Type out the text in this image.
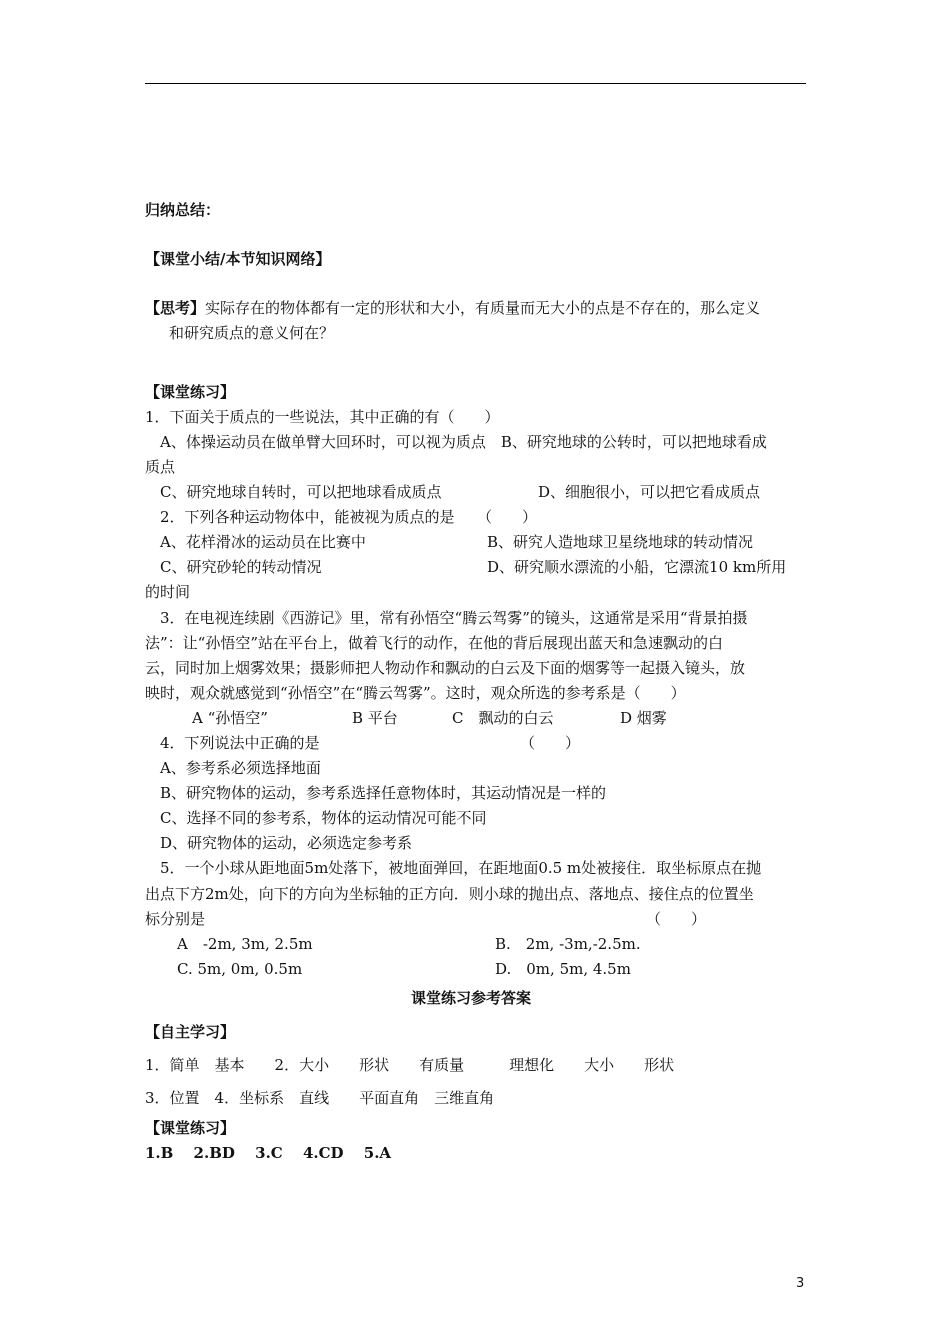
归纳总结：
【课堂小结/本节知识网络】
【思考】实际存在的物体都有一定的形状和大小，有质量而无大小的点是不存在的，那么定义
和研究质点的意义何在？
【课堂练习】
1．下面关于质点的一些说法，其中正确的有（　　）
A、体操运动员在做单臂大回环时，可以视为质点　B、研究地球的公转时，可以把地球看成
质点
C、研究地球自转时，可以把地球看成质点	D、细胞很小，可以把它看成质点
2．下列各种运动物体中，能被视为质点的是　　（　　）
A、花样滑冰的运动员在比赛中	B、研究人造地球卫星绕地球的转动情况
C、研究砂轮的转动情况	D、研究顺水漂流的小船，它漂流10 km所用
的时间
3．在电视连续剧《西游记》里，常有孙悟空“腾云驾雾”的镜头，这通常是采用“背景拍摄
法”：让“孙悟空”站在平台上，做着飞行的动作，在他的背后展现出蓝天和急速飘动的白
云，同时加上烟雾效果；摄影师把人物动作和飘动的白云及下面的烟雾等一起摄入镜头，放
映时，观众就感觉到“孙悟空”在“腾云驾雾”。这时，观众所选的参考系是（　　）
A “孙悟空”	B 平台	C　飘动的白云	D 烟雾
4．下列说法中正确的是	（　　）
A、参考系必须选择地面
B、研究物体的运动，参考系选择任意物体时，其运动情况是一样的
C、选择不同的参考系，物体的运动情况可能不同
D、研究物体的运动，必须选定参考系
5．一个小球从距地面5m处落下，被地面弹回，在距地面0.5 m处被接住．取坐标原点在抛
出点下方2m处，向下的方向为坐标轴的正方向．则小球的抛出点、落地点、接住点的位置坐
标分别是	（　　）
A　-2m, 3m, 2.5m	B.　2m, -3m,-2.5m.
C. 5m, 0m, 0.5m	D.　0m, 5m, 4.5m
课堂练习参考答案
【自主学习】
1．简单　基本　　2．大小　　形状　　有质量　　　理想化　　大小　　形状
3．位置　4．坐标系　直线　　平面直角　三维直角
【课堂练习】
1.B　 2.BD　 3.C　 4.CD　 5.A
3
